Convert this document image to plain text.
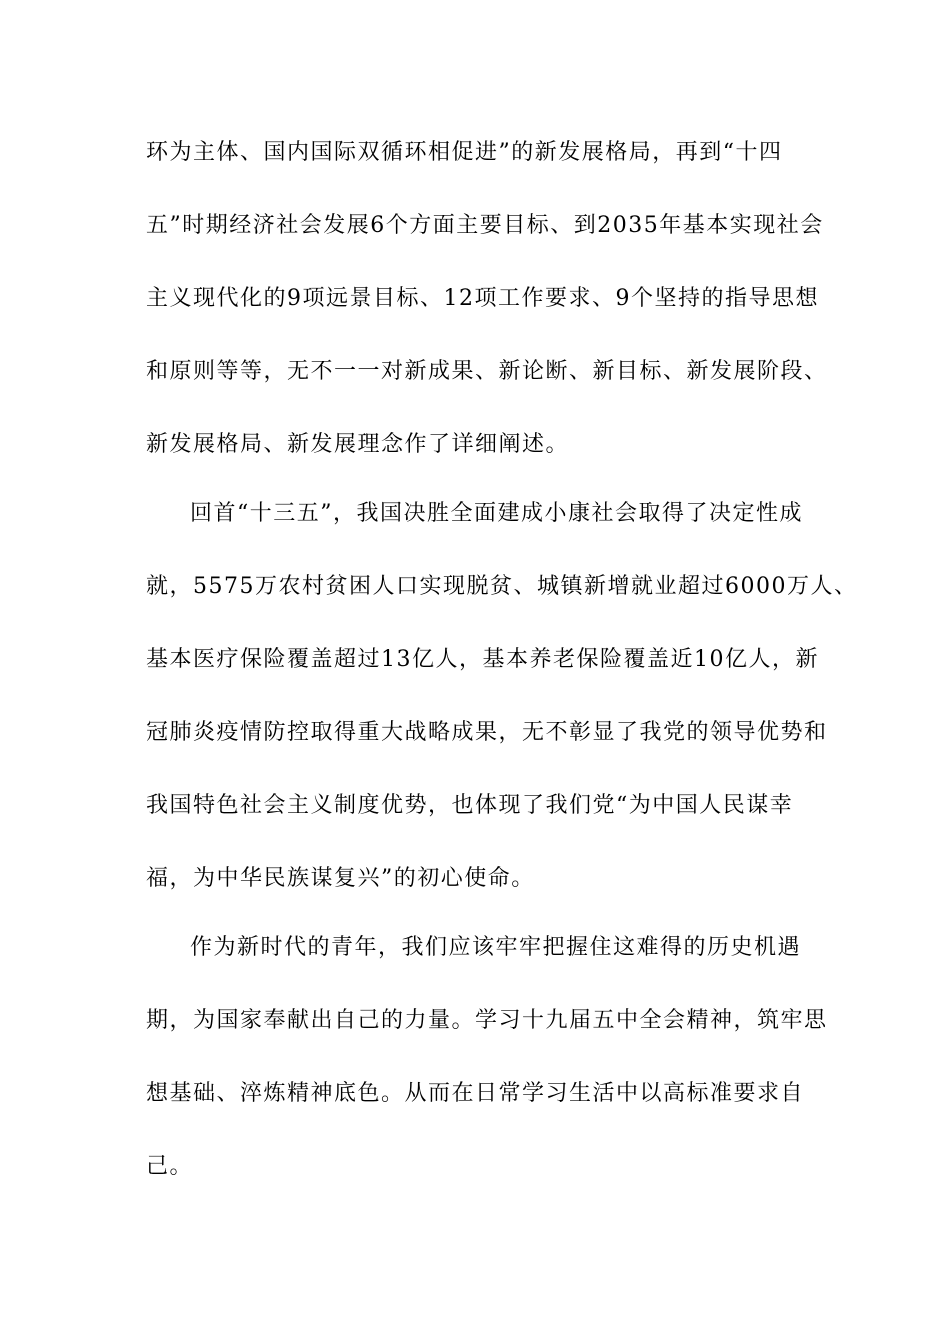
环为主体、国内国际双循环相促进”的新发展格局，再到“十四
五”时期经济社会发展6个方面主要目标、到2035年基本实现社会
主义现代化的9项远景目标、12项工作要求、9个坚持的指导思想
和原则等等，无不一一对新成果、新论断、新目标、新发展阶段、
新发展格局、新发展理念作了详细阐述。
回首“十三五”，我国决胜全面建成小康社会取得了决定性成
就，5575万农村贫困人口实现脱贫、城镇新增就业超过6000万人、
基本医疗保险覆盖超过13亿人，基本养老保险覆盖近10亿人，新
冠肺炎疫情防控取得重大战略成果，无不彰显了我党的领导优势和
我国特色社会主义制度优势，也体现了我们党“为中国人民谋幸
福，为中华民族谋复兴”的初心使命。
作为新时代的青年，我们应该牢牢把握住这难得的历史机遇
期，为国家奉献出自己的力量。学习十九届五中全会精神，筑牢思
想基础、淬炼精神底色。从而在日常学习生活中以高标准要求自
己。
